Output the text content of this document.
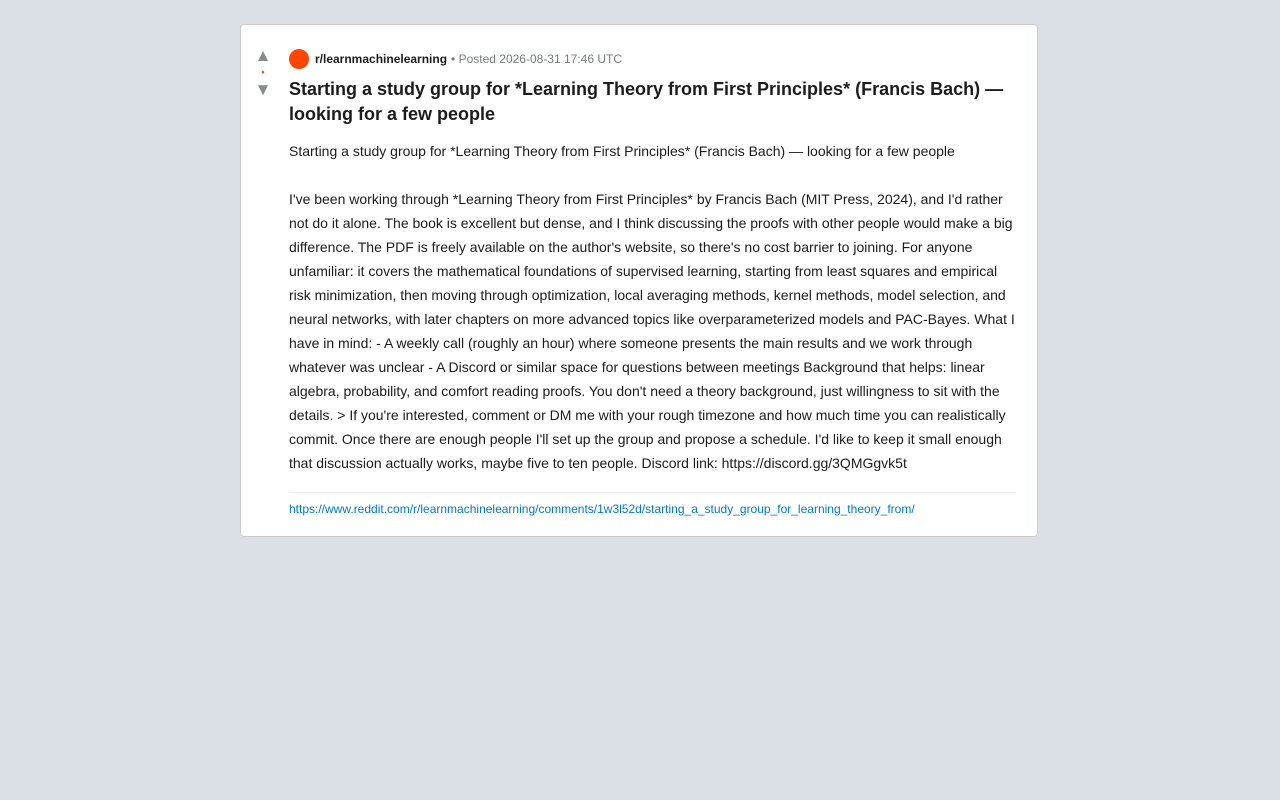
▲
•
▼
r/learnmachinelearning • Posted 2026-08-31 17:46 UTC
Starting a study group for *Learning Theory from First Principles* (Francis Bach) — looking for a few people

Starting a study group for *Learning Theory from First Principles* (Francis Bach) — looking for a few people

I've been working through *Learning Theory from First Principles* by Francis Bach (MIT Press, 2024), and I'd rather not do it alone. The book is excellent but dense, and I think discussing the proofs with other people would make a big difference. The PDF is freely available on the author's website, so there's no cost barrier to joining. For anyone unfamiliar: it covers the mathematical foundations of supervised learning, starting from least squares and empirical risk minimization, then moving through optimization, local averaging methods, kernel methods, model selection, and neural networks, with later chapters on more advanced topics like overparameterized models and PAC-Bayes. What I have in mind: - A weekly call (roughly an hour) where someone presents the main results and we work through whatever was unclear - A Discord or similar space for questions between meetings Background that helps: linear algebra, probability, and comfort reading proofs. You don't need a theory background, just willingness to sit with the details. > If you're interested, comment or DM me with your rough timezone and how much time you can realistically commit. Once there are enough people I'll set up the group and propose a schedule. I'd like to keep it small enough that discussion actually works, maybe five to ten people. Discord link: https://discord.gg/3QMGgvk5t

https://www.reddit.com/r/learnmachinelearning/comments/1w3l52d/starting_a_study_group_for_learning_theory_from/
